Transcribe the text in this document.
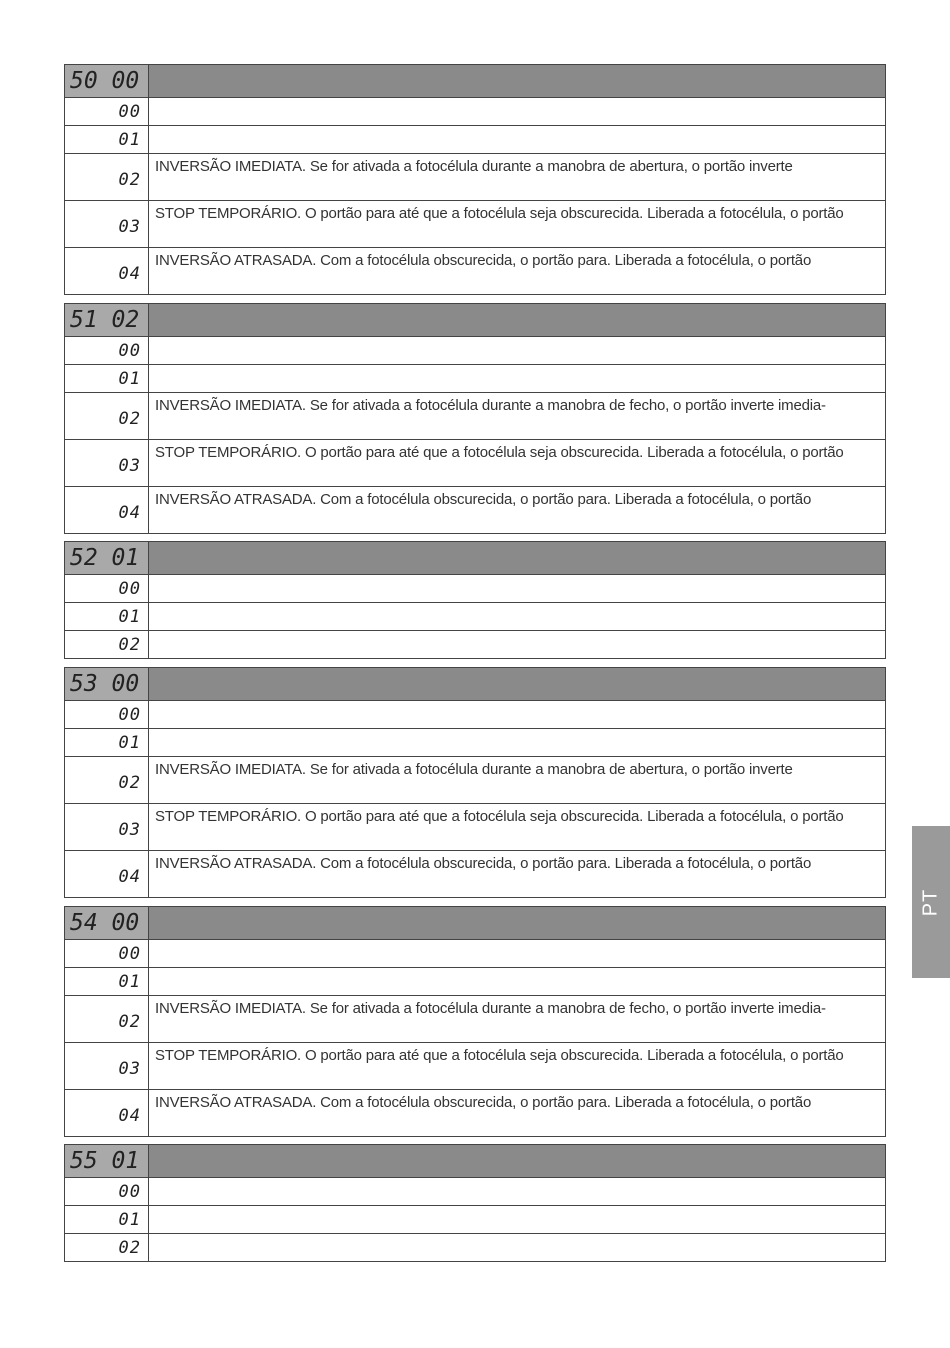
50 00
00
01
02
INVERSÃO IMEDIATA. Se for ativada a fotocélula durante a manobra de abertura, o portão inverte
03
STOP TEMPORÁRIO. O portão para até que a fotocélula seja obscurecida. Liberada a fotocélula, o portão
04
INVERSÃO ATRASADA. Com a fotocélula obscurecida, o portão para. Liberada a fotocélula, o portão
51 02
00
01
02
INVERSÃO IMEDIATA. Se for ativada a fotocélula durante a manobra de fecho, o portão inverte imedia-
03
STOP TEMPORÁRIO. O portão para até que a fotocélula seja obscurecida. Liberada a fotocélula, o portão
04
INVERSÃO ATRASADA. Com a fotocélula obscurecida, o portão para. Liberada a fotocélula, o portão
52 01
00
01
02
53 00
00
01
02
INVERSÃO IMEDIATA. Se for ativada a fotocélula durante a manobra de abertura, o portão inverte
03
STOP TEMPORÁRIO. O portão para até que a fotocélula seja obscurecida. Liberada a fotocélula, o portão
04
INVERSÃO ATRASADA. Com a fotocélula obscurecida, o portão para. Liberada a fotocélula, o portão
54 00
00
01
02
INVERSÃO IMEDIATA. Se for ativada a fotocélula durante a manobra de fecho, o portão inverte imedia-
03
STOP TEMPORÁRIO. O portão para até que a fotocélula seja obscurecida. Liberada a fotocélula, o portão
04
INVERSÃO ATRASADA. Com a fotocélula obscurecida, o portão para. Liberada a fotocélula, o portão
55 01
00
01
02
PT
